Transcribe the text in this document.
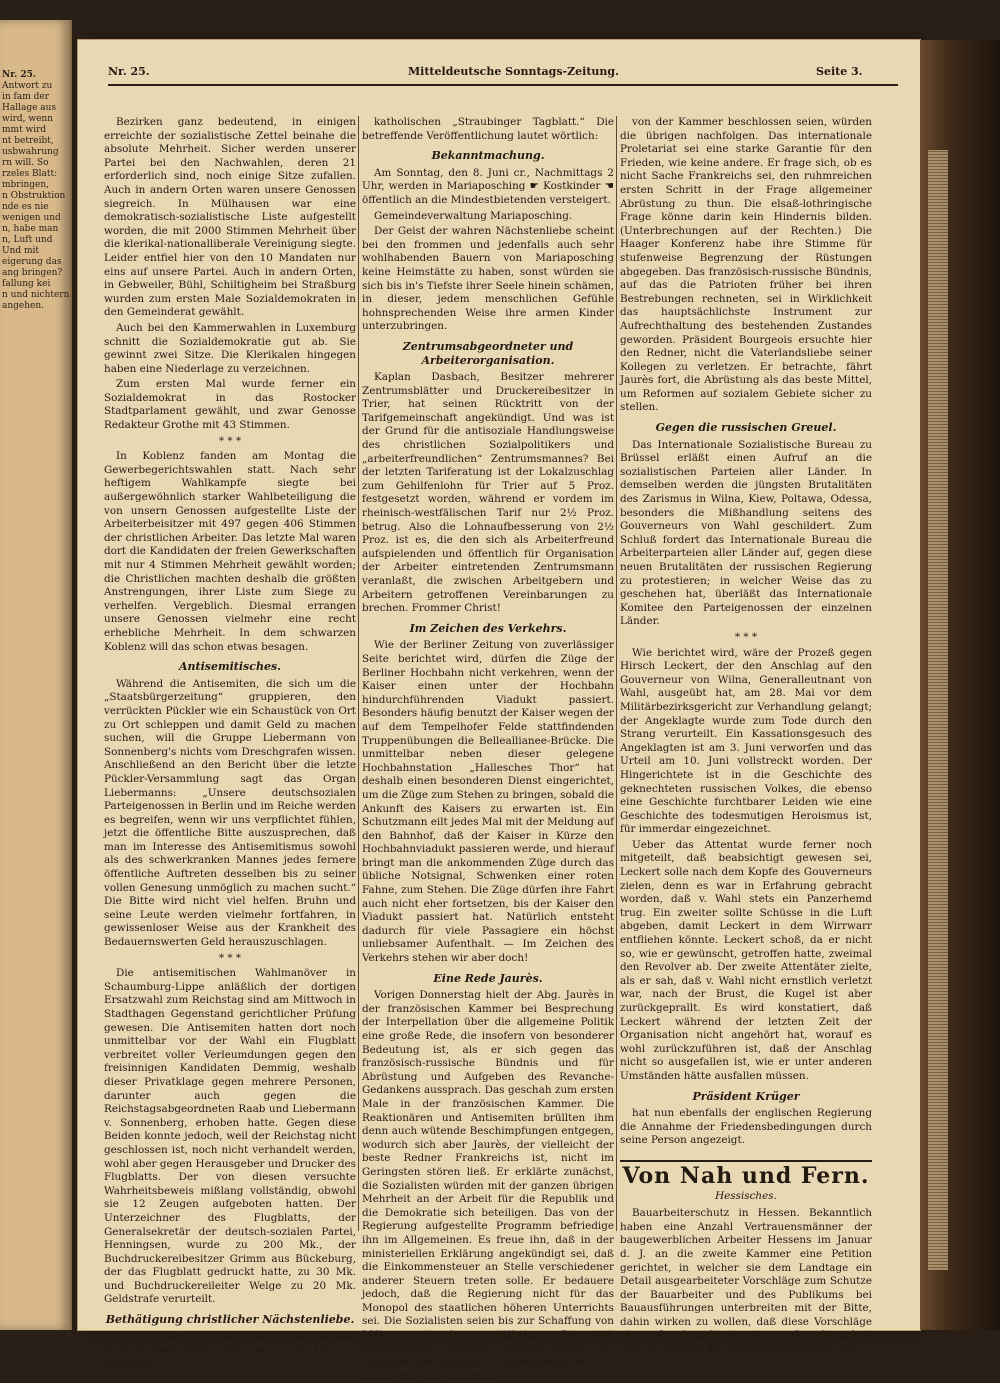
Nr. 25.
Antwort zu
in fam der
Hallage aus
wird, wenn
mmt wird
nt betreibt,
usbwahrung
rn will. So
rzeles Blatt:
mbringen,
n Obstruktion
nde es nie
wenigen und
n, habe man
n, Luft und
Und mit
eigerung das
ang bringen?
fallung kei
n und nichtern
angehen.
Nr. 25.	Mitteldeutsche Sonntags-Zeitung.	Seite 3.

Bezirken ganz bedeutend, in einigen erreichte der sozialistische Zettel beinahe die absolute Mehrheit. Sicher werden unserer Partei bei den Nachwahlen, deren 21 erforderlich sind, noch einige Sitze zufallen. Auch in andern Orten waren unsere Genossen siegreich. In Mülhausen war eine demokratisch-sozialistische Liste aufgestellt worden, die mit 2000 Stimmen Mehrheit über die klerikal-nationalliberale Vereinigung siegte. Leider entfiel hier von den 10 Mandaten nur eins auf unsere Partei. Auch in andern Orten, in Gebweiler, Bühl, Schiltigheim bei Straßburg wurden zum ersten Male Sozialdemokraten in den Gemeinderat gewählt.

Auch bei den Kammerwahlen in Luxemburg schnitt die Sozialdemokratie gut ab. Sie gewinnt zwei Sitze. Die Klerikalen hingegen haben eine Niederlage zu verzeichnen.

Zum ersten Mal wurde ferner ein Sozialdemokrat in das Rostocker Stadtparlament gewählt, und zwar Genosse Redakteur Grothe mit 43 Stimmen.

* * *

In Koblenz fanden am Montag die Gewerbegerichtswahlen statt. Nach sehr heftigem Wahlkampfe siegte bei außergewöhnlich starker Wahlbeteiligung die von unsern Genossen aufgestellte Liste der Arbeiterbeisitzer mit 497 gegen 406 Stimmen der christlichen Arbeiter. Das letzte Mal waren dort die Kandidaten der freien Gewerkschaften mit nur 4 Stimmen Mehrheit gewählt worden; die Christlichen machten deshalb die größten Anstrengungen, ihrer Liste zum Siege zu verhelfen. Vergeblich. Diesmal errangen unsere Genossen vielmehr eine recht erhebliche Mehrheit. In dem schwarzen Koblenz will das schon etwas besagen.

Antisemitisches.

Während die Antisemiten, die sich um die „Staatsbürgerzeitung“ gruppieren, den verrückten Pückler wie ein Schaustück von Ort zu Ort schleppen und damit Geld zu machen suchen, will die Gruppe Liebermann von Sonnenberg's nichts vom Dreschgrafen wissen. Anschließend an den Bericht über die letzte Pückler-Versammlung sagt das Organ Liebermanns: „Unsere deutschsozialen Parteigenossen in Berlin und im Reiche werden es begreifen, wenn wir uns verpflichtet fühlen, jetzt die öffentliche Bitte auszusprechen, daß man im Interesse des Antisemitismus sowohl als des schwerkranken Mannes jedes fernere öffentliche Auftreten desselben bis zu seiner vollen Genesung unmöglich zu machen sucht.“ Die Bitte wird nicht viel helfen. Bruhn und seine Leute werden vielmehr fortfahren, in gewissenloser Weise aus der Krankheit des Bedauernswerten Geld herauszuschlagen.

* * *

Die antisemitischen Wahlmanöver in Schaumburg-Lippe anläßlich der dortigen Ersatzwahl zum Reichstag sind am Mittwoch in Stadthagen Gegenstand gerichtlicher Prüfung gewesen. Die Antisemiten hatten dort noch unmittelbar vor der Wahl ein Flugblatt verbreitet voller Verleumdungen gegen den freisinnigen Kandidaten Demmig, weshalb dieser Privatklage gegen mehrere Personen, darunter auch gegen die Reichstagsabgeordneten Raab und Liebermann v. Sonnenberg, erhoben hatte. Gegen diese Beiden konnte jedoch, weil der Reichstag nicht geschlossen ist, noch nicht verhandelt werden, wohl aber gegen Herausgeber und Drucker des Flugblatts. Der von diesen versuchte Wahrheitsbeweis mißlang vollständig, obwohl sie 12 Zeugen aufgeboten hatten. Der Unterzeichner des Flugblatts, der Generalsekretär der deutsch-sozialen Partei, Henningsen, wurde zu 200 Mk., der Buchdruckereibesitzer Grimm aus Bückeburg, der das Flugblatt gedruckt hatte, zu 30 Mk. und Buchdruckereileiter Welge zu 20 Mk. Geldstrafe verurteilt.

Bethätigung christlicher Nächstenliebe.

Ein Inserat, das eine beispiellose Gefühlsroheit verrät, liest man in Nr. 126 des zentrums-

katholischen „Straubinger Tagblatt.“ Die betreffende Veröffentlichung lautet wörtlich:

Bekanntmachung.

Am Sonntag, den 8. Juni cr., Nachmittags 2 Uhr, werden in Mariaposching ☛ Kostkinder ☚ öffentlich an die Mindestbietenden versteigert.

Gemeindeverwaltung Mariaposching.

Der Geist der wahren Nächstenliebe scheint bei den frommen und jedenfalls auch sehr wohlhabenden Bauern von Mariaposching keine Heimstätte zu haben, sonst würden sie sich bis in's Tiefste ihrer Seele hinein schämen, in dieser, jedem menschlichen Gefühle hohnsprechenden Weise ihre armen Kinder unterzubringen.

Zentrumsabgeordneter und Arbeiterorganisation.

Kaplan Dasbach, Besitzer mehrerer Zentrumsblätter und Druckereibesitzer in Trier, hat seinen Rücktritt von der Tarifgemeinschaft angekündigt. Und was ist der Grund für die antisoziale Handlungsweise des christlichen Sozialpolitikers und „arbeiterfreundlichen“ Zentrumsmannes? Bei der letzten Tariferatung ist der Lokalzuschlag zum Gehilfenlohn für Trier auf 5 Proz. festgesetzt worden, während er vordem im rheinisch-westfälischen Tarif nur 2½ Proz. betrug. Also die Lohnaufbesserung von 2½ Proz. ist es, die den sich als Arbeiterfreund aufspielenden und öffentlich für Organisation der Arbeiter eintretenden Zentrumsmann veranlaßt, die zwischen Arbeitgebern und Arbeitern getroffenen Vereinbarungen zu brechen. Frommer Christ!

Im Zeichen des Verkehrs.

Wie der Berliner Zeitung von zuverlässiger Seite berichtet wird, dürfen die Züge der Berliner Hochbahn nicht verkehren, wenn der Kaiser einen unter der Hochbahn hindurchführenden Viadukt passiert. Besonders häufig benutzt der Kaiser wegen der auf dem Tempelhofer Felde stattfindenden Truppenübungen die Belleallianee-Brücke. Die unmittelbar neben dieser gelegene Hochbahnstation „Hallesches Thor“ hat deshalb einen besonderen Dienst eingerichtet, um die Züge zum Stehen zu bringen, sobald die Ankunft des Kaisers zu erwarten ist. Ein Schutzmann eilt jedes Mal mit der Meldung auf den Bahnhof, daß der Kaiser in Kürze den Hochbahnviadukt passieren werde, und hierauf bringt man die ankommenden Züge durch das übliche Notsignal, Schwenken einer roten Fahne, zum Stehen. Die Züge dürfen ihre Fahrt auch nicht eher fortsetzen, bis der Kaiser den Viadukt passiert hat. Natürlich entsteht dadurch für viele Passagiere ein höchst unliebsamer Aufenthalt. — Im Zeichen des Verkehrs stehen wir aber doch!

Eine Rede Jaurès.

Vorigen Donnerstag hielt der Abg. Jaurès in der französischen Kammer bei Besprechung der Interpellation über die allgemeine Politik eine große Rede, die insofern von besonderer Bedeutung ist, als er sich gegen das französisch-russische Bündnis und für Abrüstung und Aufgeben des Revanche-Gedankens aussprach. Das geschah zum ersten Male in der französischen Kammer. Die Reaktionären und Antisemiten brüllten ihm denn auch wütende Beschimpfungen entgegen, wodurch sich aber Jaurès, der vielleicht der beste Redner Frankreichs ist, nicht im Geringsten stören ließ. Er erklärte zunächst, die Sozialisten würden mit der ganzen übrigen Mehrheit an der Arbeit für die Republik und die Demokratie sich beteiligen. Das von der Regierung aufgestellte Programm befriedige ihn im Allgemeinen. Es freue ihn, daß in der ministeriellen Erklärung angekündigt sei, daß die Einkommensteuer an Stelle verschiedener anderer Steuern treten solle. Er bedauere jedoch, daß die Regierung nicht für das Monopol des staatlichen höheren Unterrichts sei. Die Sozialisten seien bis zur Schaffung von Milizen mit der zweijährigen Dienstzeit einverstanden. Redner verlangt ferner die Annahme der Brüßeler Zuckerkonvention und sagt, wenn die Reformen

von der Kammer beschlossen seien, würden die übrigen nachfolgen. Das internationale Proletariat sei eine starke Garantie für den Frieden, wie keine andere. Er frage sich, ob es nicht Sache Frankreichs sei, den ruhmreichen ersten Schritt in der Frage allgemeiner Abrüstung zu thun. Die elsaß-lothringische Frage könne darin kein Hindernis bilden. (Unterbrechungen auf der Rechten.) Die Haager Konferenz habe ihre Stimme für stufenweise Begrenzung der Rüstungen abgegeben. Das französisch-russische Bündnis, auf das die Patrioten früher bei ihren Bestrebungen rechneten, sei in Wirklichkeit das hauptsächlichste Instrument zur Aufrechthaltung des bestehenden Zustandes geworden. Präsident Bourgeois ersuchte hier den Redner, nicht die Vaterlandsliebe seiner Kollegen zu verletzen. Er betrachte, fährt Jaurès fort, die Abrüstung als das beste Mittel, um Reformen auf sozialem Gebiete sicher zu stellen.

Gegen die russischen Greuel.

Das Internationale Sozialistische Bureau zu Brüssel erläßt einen Aufruf an die sozialistischen Parteien aller Länder. In demselben werden die jüngsten Brutalitäten des Zarismus in Wilna, Kiew, Poltawa, Odessa, besonders die Mißhandlung seitens des Gouverneurs von Wahl geschildert. Zum Schluß fordert das Internationale Bureau die Arbeiterparteien aller Länder auf, gegen diese neuen Brutalitäten der russischen Regierung zu protestieren; in welcher Weise das zu geschehen hat, überläßt das Internationale Komitee den Parteigenossen der einzelnen Länder.

* * *

Wie berichtet wird, wäre der Prozeß gegen Hirsch Leckert, der den Anschlag auf den Gouverneur von Wilna, Generalleutnant von Wahl, ausgeübt hat, am 28. Mai vor dem Militärbezirksgericht zur Verhandlung gelangt; der Angeklagte wurde zum Tode durch den Strang verurteilt. Ein Kassationsgesuch des Angeklagten ist am 3. Juni verworfen und das Urteil am 10. Juni vollstreckt worden. Der Hingerichtete ist in die Geschichte des geknechteten russischen Volkes, die ebenso eine Geschichte furchtbarer Leiden wie eine Geschichte des todesmutigen Heroismus ist, für immerdar eingezeichnet.

Ueber das Attentat wurde ferner noch mitgeteilt, daß beabsichtigt gewesen sei, Leckert solle nach dem Kopfe des Gouverneurs zielen, denn es war in Erfahrung gebracht worden, daß v. Wahl stets ein Panzerhemd trug. Ein zweiter sollte Schüsse in die Luft abgeben, damit Leckert in dem Wirrwarr entfliehen könnte. Leckert schoß, da er nicht so, wie er gewünscht, getroffen hatte, zweimal den Revolver ab. Der zweite Attentäter zielte, als er sah, daß v. Wahl nicht ernstlich verletzt war, nach der Brust, die Kugel ist aber zurückgeprallt. Es wird konstatiert, daß Leckert während der letzten Zeit der Organisation nicht angehört hat, worauf es wohl zurückzuführen ist, daß der Anschlag nicht so ausgefallen ist, wie er unter anderen Umständen hätte ausfallen müssen.

Präsident Krüger

hat nun ebenfalls der englischen Regierung die Annahme der Friedensbedingungen durch seine Person angezeigt.

Von Nah und Fern.
Hessisches.

Bauarbeiterschutz in Hessen. Bekanntlich haben eine Anzahl Vertrauensmänner der baugewerblichen Arbeiter Hessens im Januar d. J. an die zweite Kammer eine Petition gerichtet, in welcher sie dem Landtage ein Detail ausgearbeiteter Vorschläge zum Schutze der Bauarbeiter und des Publikums bei Bauausführungen unterbreiten mit der Bitte, dahin wirken zu wollen, daß diese Vorschläge einem Landespolizeigesetz zu Grunde gelegt und zur Reform des Bauarbeiterschutzes ver-
